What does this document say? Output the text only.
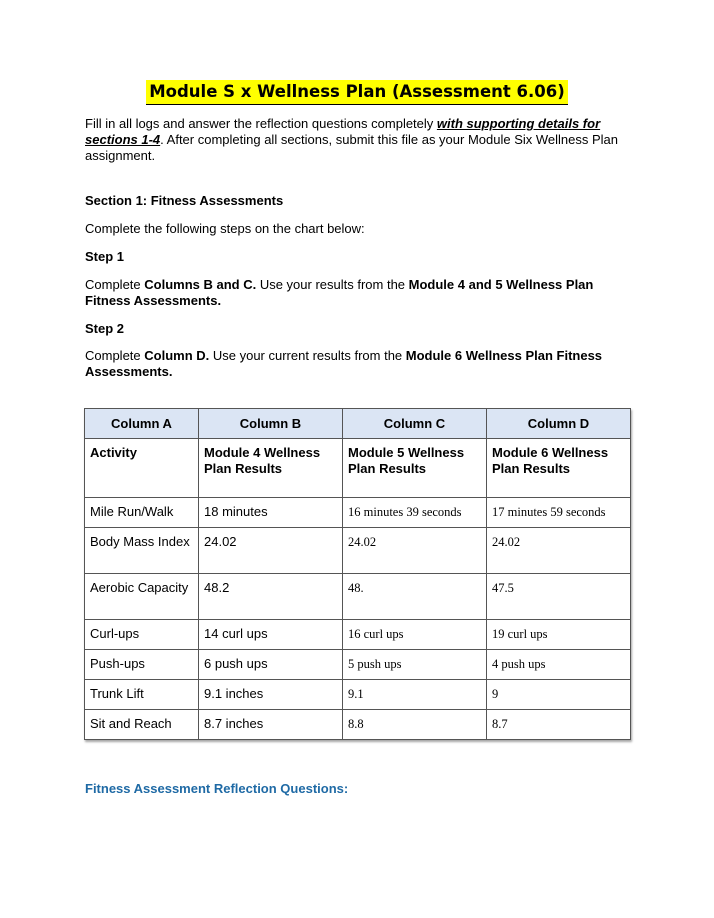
Module S x Wellness Plan (Assessment 6.06)
Fill in all logs and answer the reflection questions completely with supporting details for sections 1-4. After completing all sections, submit this file as your Module Six Wellness Plan assignment.
Section 1: Fitness Assessments
Complete the following steps on the chart below:
Step 1
Complete Columns B and C. Use your results from the Module 4 and 5 Wellness Plan Fitness Assessments.
Step 2
Complete Column D. Use your current results from the Module 6 Wellness Plan Fitness Assessments.
Column A	Column B	Column C	Column D
Activity	Module 4 Wellness Plan Results	Module 5 Wellness Plan Results	Module 6 Wellness Plan Results
Mile Run/Walk	18 minutes	16 minutes 39 seconds	17 minutes 59 seconds
Body Mass Index	24.02	24.02	24.02
Aerobic Capacity	48.2	48.	47.5
Curl-ups	14 curl ups	16 curl ups	19 curl ups
Push-ups	6 push ups	5 push ups	4 push ups
Trunk Lift	9.1 inches	9.1	9
Sit and Reach	8.7 inches	8.8	8.7
Fitness Assessment Reflection Questions:
